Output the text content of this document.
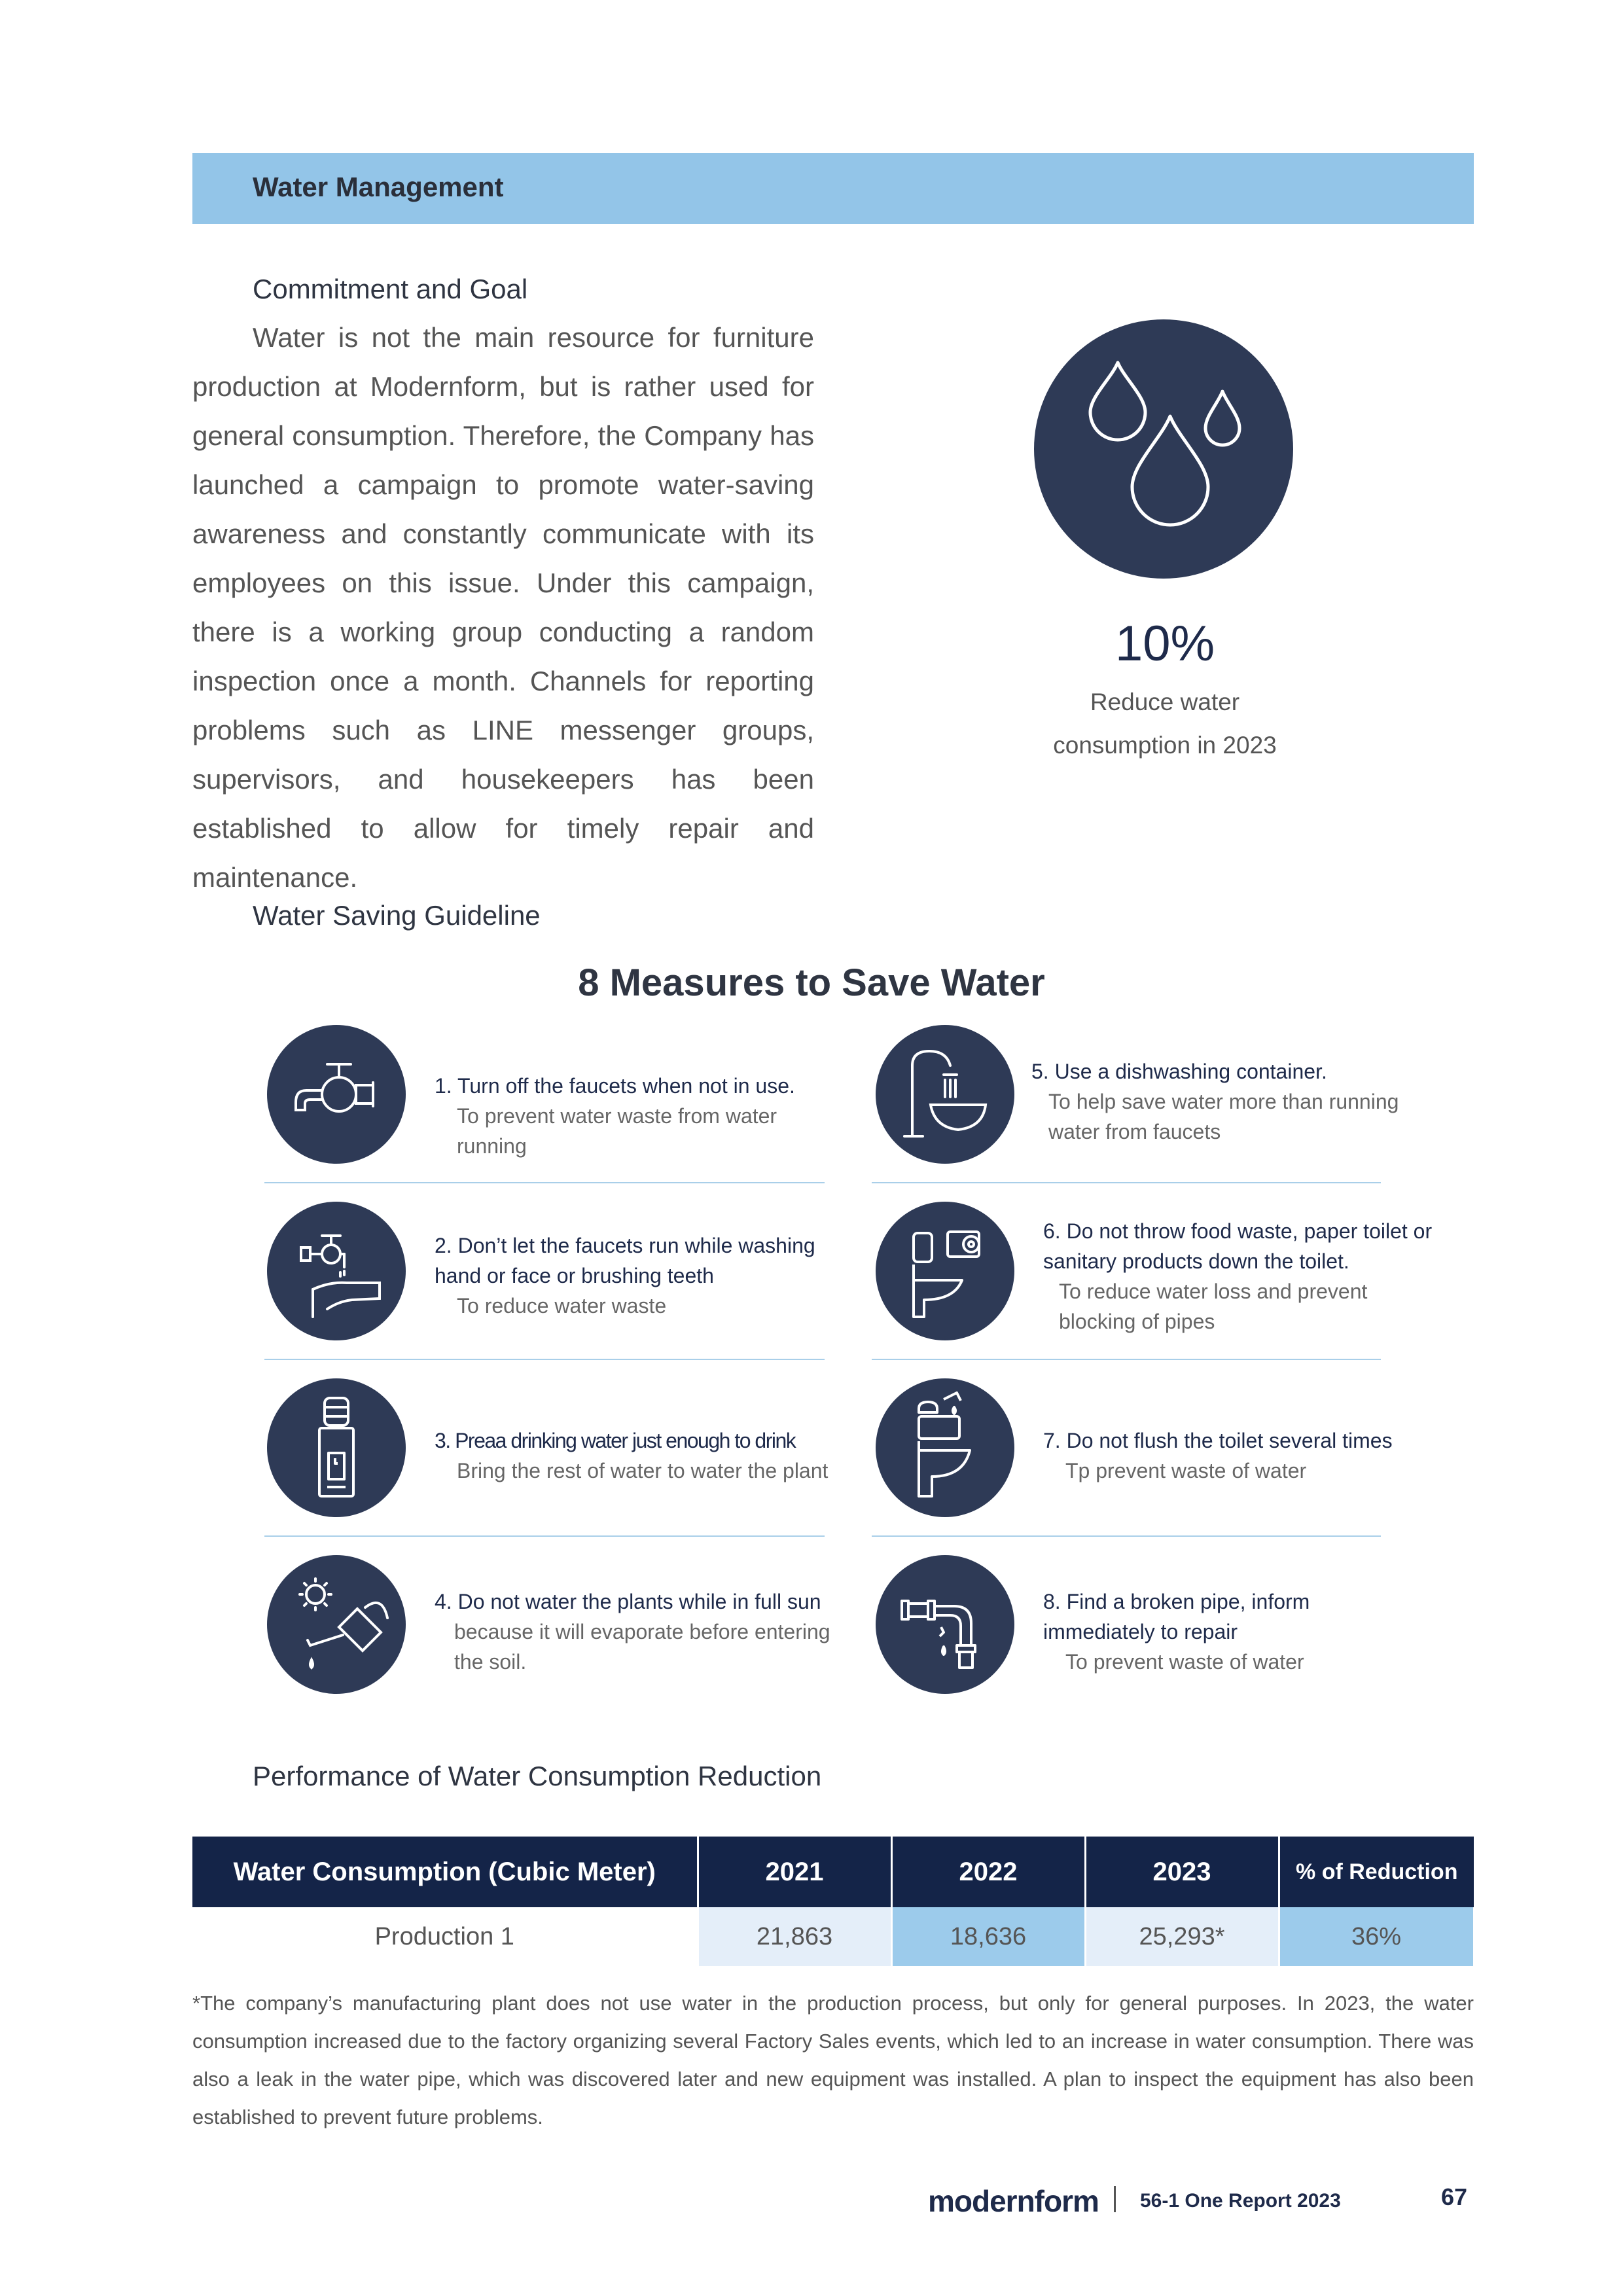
Water Management
Commitment and Goal
Water is not the main resource for furniture production at Modernform, but is rather used for general consumption. Therefore, the Company has launched a campaign to promote water-saving awareness and constantly communicate with its employees on this issue. Under this campaign, there is a working group conducting a random inspection once a month. Channels for reporting problems such as LINE messenger groups, supervisors, and housekeepers has been established to allow for timely repair and maintenance.
10%
Reduce water
consumption in 2023
Water Saving Guideline
8 Measures to Save Water
1. Turn off the faucets when not in use.
To prevent water waste from water running
2. Don’t let the faucets run while washing hand or face or brushing teeth
To reduce water waste
3. Preaa drinking water just enough to drink
Bring the rest of water to water the plant
4. Do not water the plants while in full sun
because it will evaporate before entering the soil.
5. Use a dishwashing container.
To help save water more than running water from faucets
6. Do not throw food waste, paper toilet or sanitary products down the toilet.
To reduce water loss and prevent blocking of pipes
7. Do not flush the toilet several times
Tp prevent waste of water
8. Find a broken pipe, inform immediately to repair
To prevent waste of water
Performance of Water Consumption Reduction
Water Consumption (Cubic Meter)	2021	2022	2023	% of Reduction
Production 1	21,863	18,636	25,293*	36%
*The company’s manufacturing plant does not use water in the production process, but only for general purposes. In 2023, the water consumption increased due to the factory organizing several Factory Sales events, which led to an increase in water consumption. There was also a leak in the water pipe, which was discovered later and new equipment was installed. A plan to inspect the equipment has also been established to prevent future problems.
modernform 56-1 One Report 2023	67
